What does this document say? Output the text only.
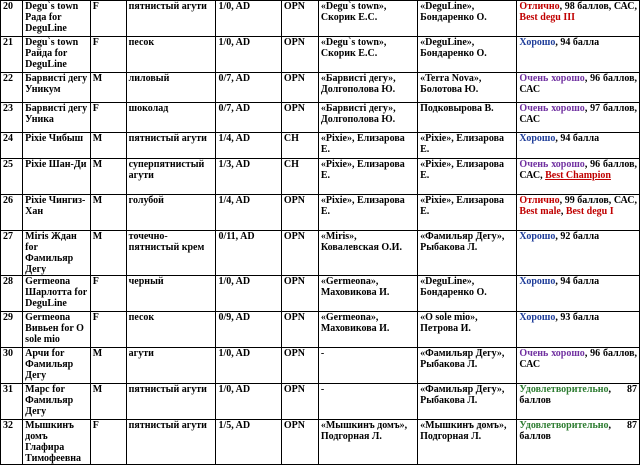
20	Degu`s town Рада for DeguLine	F	пятнистый агути	1/0, AD	OPN	«Degu`s town», Скорик Е.С.	«DeguLine», Бондаренко О.	Отлично, 98 баллов, САС, Best degu III
21	Degu`s town Райда for DeguLine	F	песок	1/0, AD	OPN	«Degu`s town», Скорик Е.С.	«DeguLine», Бондаренко О.	Хорошо, 94 балла
22	Барвисті дегу Уникум	M	лиловый	0/7, AD	OPN	«Барвисті дегу», Долгополова Ю.	«Terra Nova», Болотова Ю.	Очень хорошо, 96 баллов, САС
23	Барвисті дегу Уника	F	шоколад	0/7, AD	OPN	«Барвисті дегу», Долгополова Ю.	Подковырова В.	Очень хорошо, 97 баллов, САС
24	Pixie Чибыш	M	пятнистый агути	1/4, AD	CH	«Pixie», Елизарова Е.	«Pixie», Елизарова Е.	Хорошо, 94 балла
25	Pixie Шан-Ди	M	суперпятнистый агути	1/3, AD	CH	«Pixie», Елизарова Е.	«Pixie», Елизарова Е.	Очень хорошо, 96 баллов, САС, Best Champion
26	Pixie Чингиз-Хан	M	голубой	1/4, AD	OPN	«Pixie», Елизарова Е.	«Pixie», Елизарова Е.	Отлично, 99 баллов, САС, Best male, Best degu I
27	Miris Ждан for Фамильяр Дегу	M	точечно-пятнистый крем	0/11, AD	OPN	«Miris», Ковалевская О.И.	«Фамильяр Дегу», Рыбакова Л.	Хорошо, 92 балла
28	Germeona Шарлотта for DeguLine	F	черный	1/0, AD	OPN	«Germeona», Маховикова И.	«DeguLine», Бондаренко О.	Хорошо, 94 балла
29	Germeona Вивьен for O sole mio	F	песок	0/9, AD	OPN	«Germeona», Маховикова И.	«O sole mio», Петрова И.	Хорошо, 93 балла
30	Арчи for Фамильяр Дегу	M	агути	1/0, AD	OPN	-	«Фамильяр Дегу», Рыбакова Л.	Очень хорошо, 96 баллов, САС
31	Марс for Фамильяр Дегу	M	пятнистый агути	1/0, AD	OPN	-	«Фамильяр Дегу», Рыбакова Л.	Удовлетворительно, 87 баллов
32	Мышкинъ домъ Глафира Тимофеевна	F	пятнистый агути	1/5, AD	OPN	«Мышкинъ домъ», Подгорная Л.	«Мышкинъ домъ», Подгорная Л.	Удовлетворительно, 87 баллов
